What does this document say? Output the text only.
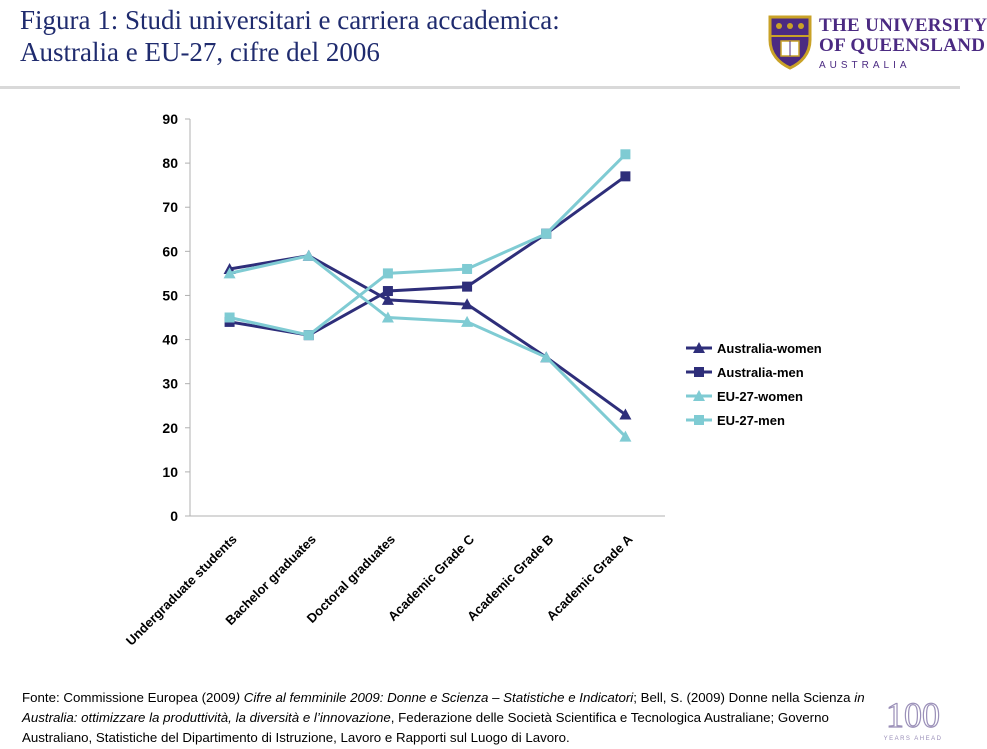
Figura 1: Studi universitari e carriera accademica:
Australia e EU-27, cifre del 2006
THE UNIVERSITY
OF QUEENSLAND
AUSTRALIA
0
10
20
30
40
50
60
70
80
90
Undergraduate students
Bachelor graduates
Doctoral graduates
Academic Grade C
Academic Grade B
Academic Grade A
Australia-women
Australia-men
EU-27-women
EU-27-men
Fonte: Commissione Europea (2009) Cifre al femminile 2009: Donne e Scienza – Statistiche e Indicatori; Bell, S. (2009) Donne nella Scienza in Australia: ottimizzare la produttività, la diversità e l’innovazione, Federazione delle Società Scientifica e Tecnologica Australiane; Governo Australiano, Statistiche del Dipartimento di Istruzione, Lavoro e Rapporti sul Luogo di Lavoro.
100
YEARS AHEAD
